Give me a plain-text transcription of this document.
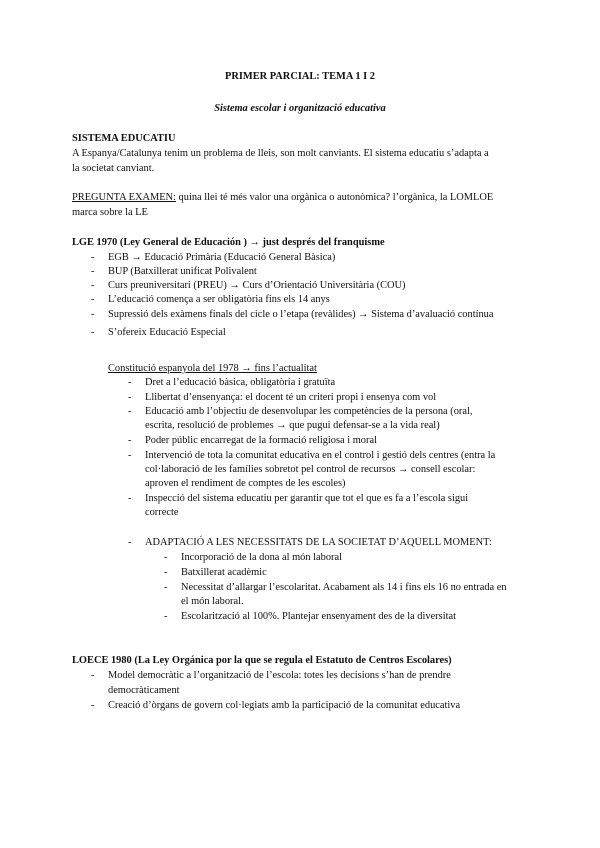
PRIMER PARCIAL: TEMA 1 I 2
Sistema escolar i organització educativa
SISTEMA EDUCATIU
A Espanya/Catalunya tenim un problema de lleis, son molt canviants. El sistema educatiu s’adapta a
la societat canviant.
PREGUNTA EXAMEN: quina llei té més valor una orgànica o autonòmica? l’orgànica, la LOMLOE
marca sobre la LE
LGE 1970 (Ley General de Educación ) → just després del franquisme
- EGB → Educació Primària (Educació General Bàsica)
- BUP (Batxillerat unificat Polivalent
- Curs preuniversitari (PREU) → Curs d’Orientació Universitària (COU)
- L’educació comença a ser obligatòria fins els 14 anys
- Supressió dels exàmens finals del cicle o l’etapa (revàlides) → Sistema d’avaluació contínua
- S’ofereix Educació Especial
Constitució espanyola del 1978 → fins l’actualitat
- Dret a l’educació bàsica, obligatòria i gratuïta
- Llibertat d’ensenyança: el docent té un criteri propi i ensenya com vol
- Educació amb l’objectiu de desenvolupar les competències de la persona (oral,
escrita, resolució de problemes → que pugui defensar-se a la vida real)
- Poder públic encarregat de la formació religiosa i moral
- Intervenció de tota la comunitat educativa en el control i gestió dels centres (entra la
col·laboració de les famílies sobretot pel control de recursos → consell escolar:
aproven el rendiment de comptes de les escoles)
- Inspecció del sistema educatiu per garantir que tot el que es fa a l’escola sigui
correcte
- ADAPTACIÓ A LES NECESSITATS DE LA SOCIETAT D’AQUELL MOMENT:
- Incorporació de la dona al món laboral
- Batxillerat acadèmic
- Necessitat d’allargar l’escolaritat. Acabament als 14 i fins els 16 no entrada en
el món laboral.
- Escolarització al 100%. Plantejar ensenyament des de la diversitat
LOECE 1980 (La Ley Orgánica por la que se regula el Estatuto de Centros Escolares)
- Model democràtic a l’organització de l’escola: totes les decisions s’han de prendre
democràticament
- Creació d’òrgans de govern col·legiats amb la participació de la comunitat educativa
